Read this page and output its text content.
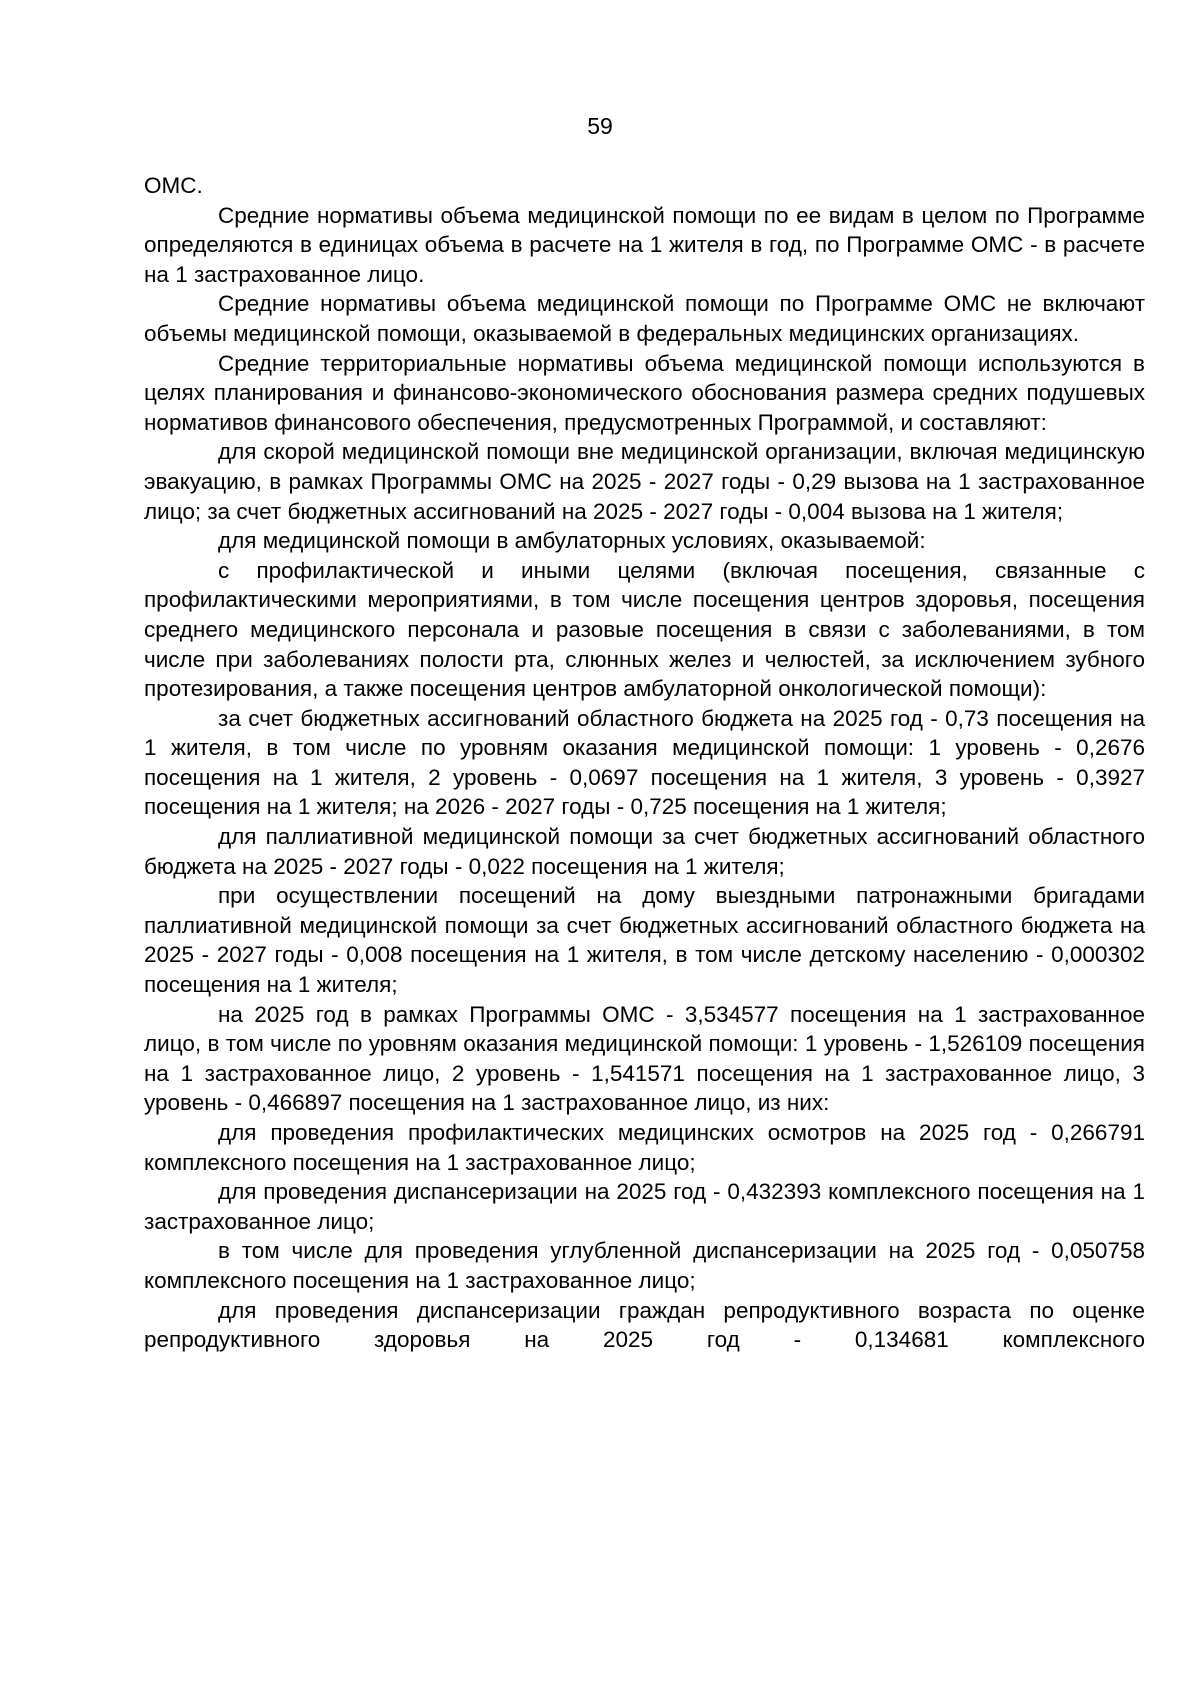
59

ОМС.

Средние нормативы объема медицинской помощи по ее видам в целом по Программе определяются в единицах объема в расчете на 1 жителя в год, по Программе ОМС - в расчете на 1 застрахованное лицо.

Средние нормативы объема медицинской помощи по Программе ОМС не включают объемы медицинской помощи, оказываемой в федеральных медицинских организациях.

Средние территориальные нормативы объема медицинской помощи используются в целях планирования и финансово-экономического обоснования размера средних подушевых нормативов финансового обеспечения, предусмотренных Программой, и составляют:

для скорой медицинской помощи вне медицинской организации, включая медицинскую эвакуацию, в рамках Программы ОМС на 2025 - 2027 годы - 0,29 вызова на 1 застрахованное лицо; за счет бюджетных ассигнований на 2025 - 2027 годы - 0,004 вызова на 1 жителя;

для медицинской помощи в амбулаторных условиях, оказываемой:

с профилактической и иными целями (включая посещения, связанные с профилактическими мероприятиями, в том числе посещения центров здоровья, посещения среднего медицинского персонала и разовые посещения в связи с заболеваниями, в том числе при заболеваниях полости рта, слюнных желез и челюстей, за исключением зубного протезирования, а также посещения центров амбулаторной онкологической помощи):

за счет бюджетных ассигнований областного бюджета на 2025 год - 0,73 посещения на 1 жителя, в том числе по уровням оказания медицинской помощи: 1 уровень - 0,2676 посещения на 1 жителя, 2 уровень - 0,0697 посещения на 1 жителя, 3 уровень - 0,3927 посещения на 1 жителя; на 2026 - 2027 годы - 0,725 посещения на 1 жителя;

для паллиативной медицинской помощи за счет бюджетных ассигнований областного бюджета на 2025 - 2027 годы - 0,022 посещения на 1 жителя;

при осуществлении посещений на дому выездными патронажными бригадами паллиативной медицинской помощи за счет бюджетных ассигнований областного бюджета на 2025 - 2027 годы - 0,008 посещения на 1 жителя, в том числе детскому населению - 0,000302 посещения на 1 жителя;

на 2025 год в рамках Программы ОМС - 3,534577 посещения на 1 застрахованное лицо, в том числе по уровням оказания медицинской помощи: 1 уровень - 1,526109 посещения на 1 застрахованное лицо, 2 уровень - 1,541571 посещения на 1 застрахованное лицо, 3 уровень - 0,466897 посещения на 1 застрахованное лицо, из них:

для проведения профилактических медицинских осмотров на 2025 год - 0,266791 комплексного посещения на 1 застрахованное лицо;

для проведения диспансеризации на 2025 год - 0,432393 комплексного посещения на 1 застрахованное лицо;

в том числе для проведения углубленной диспансеризации на 2025 год - 0,050758 комплексного посещения на 1 застрахованное лицо;

для проведения диспансеризации граждан репродуктивного возраста по оценке репродуктивного здоровья на 2025 год - 0,134681 комплексного
